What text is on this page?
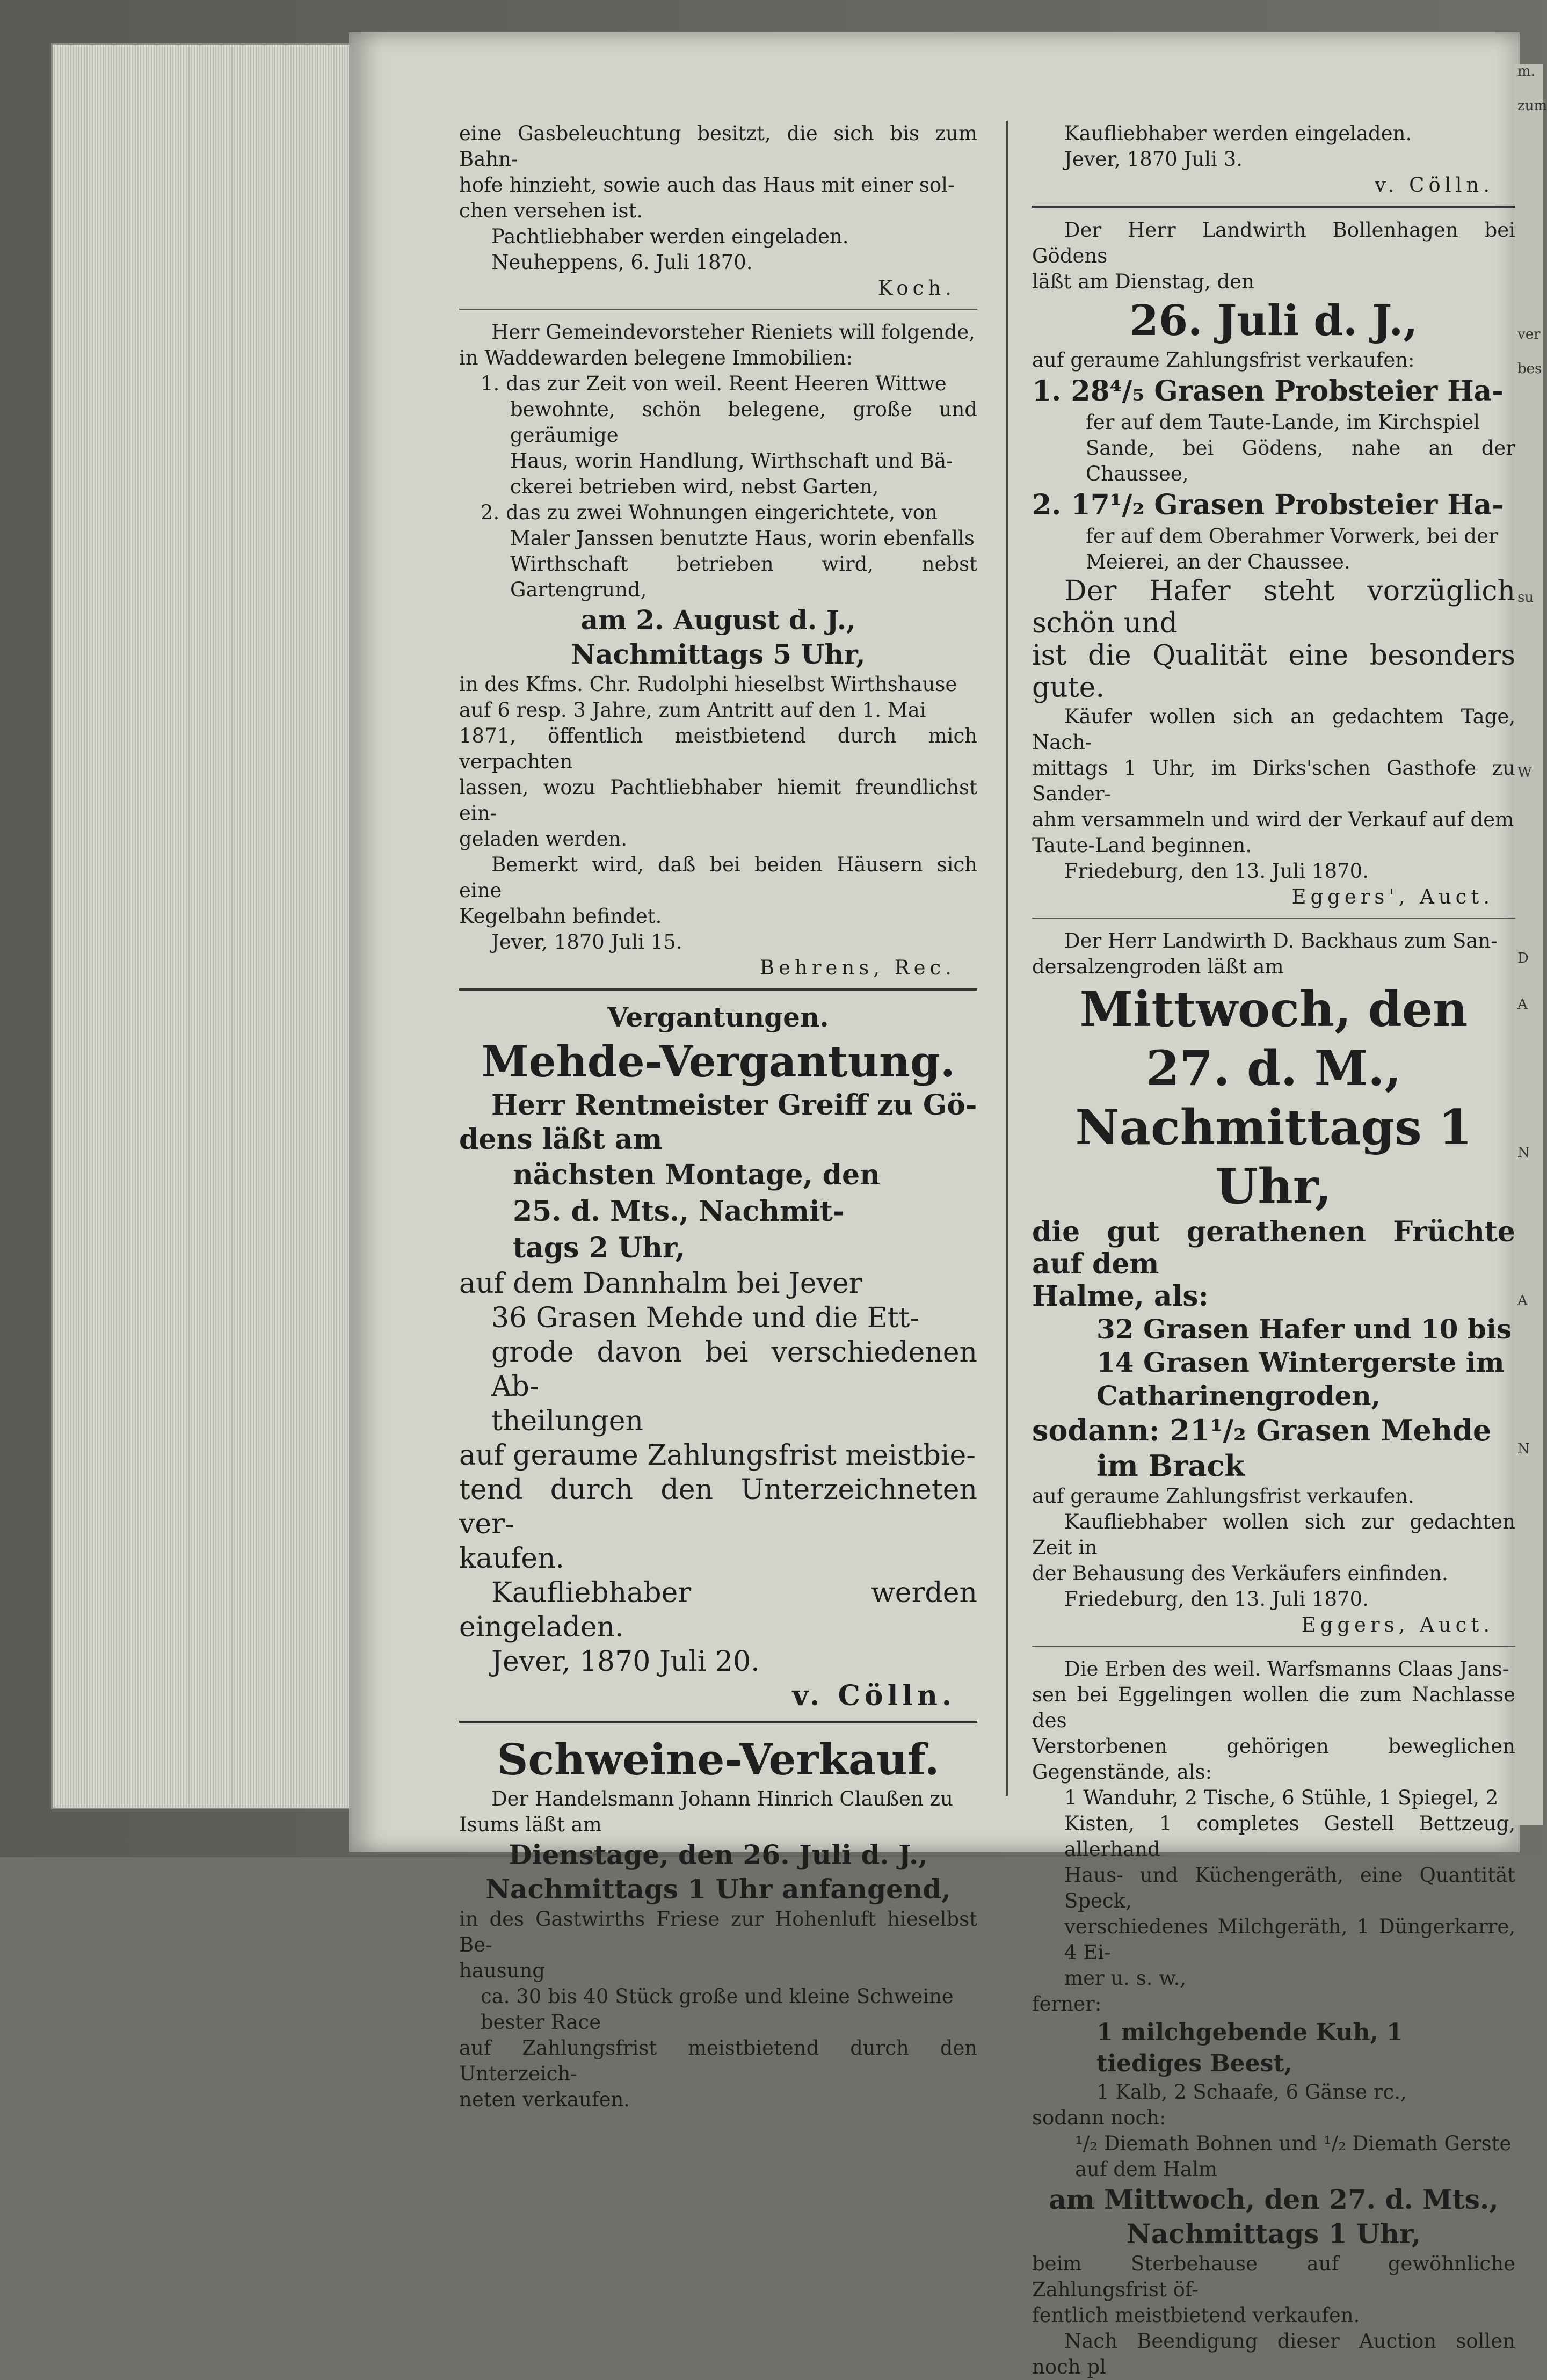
m.
zum
ver
bes
su
W
D
A
N
A
N
eine Gasbeleuchtung besitzt, die sich bis zum Bahn-
hofe hinzieht, sowie auch das Haus mit einer sol-
chen versehen ist.
Pachtliebhaber werden eingeladen.
Neuheppens, 6. Juli 1870.
Koch.
Herr Gemeindevorsteher Rieniets will folgende,
in Waddewarden belegene Immobilien:
1. das zur Zeit von weil. Reent Heeren Wittwe
bewohnte, schön belegene, große und geräumige
Haus, worin Handlung, Wirthschaft und Bä-
ckerei betrieben wird, nebst Garten,
2. das zu zwei Wohnungen eingerichtete, von
Maler Janssen benutzte Haus, worin ebenfalls
Wirthschaft betrieben wird, nebst Gartengrund,
am 2. August d. J.,
Nachmittags 5 Uhr,
in des Kfms. Chr. Rudolphi hieselbst Wirthshause
auf 6 resp. 3 Jahre, zum Antritt auf den 1. Mai
1871, öffentlich meistbietend durch mich verpachten
lassen, wozu Pachtliebhaber hiemit freundlichst ein-
geladen werden.
Bemerkt wird, daß bei beiden Häusern sich eine
Kegelbahn befindet.
Jever, 1870 Juli 15.
Behrens, Rec.
Vergantungen.
Mehde-Vergantung.
Herr Rentmeister Greiff zu Gö-
dens läßt am
nächsten Montage, den
25. d. Mts., Nachmit-
tags 2 Uhr,
auf dem Dannhalm bei Jever
36 Grasen Mehde und die Ett-
grode davon bei verschiedenen Ab-
theilungen
auf geraume Zahlungsfrist meistbie-
tend durch den Unterzeichneten ver-
kaufen.
Kaufliebhaber werden eingeladen.
Jever, 1870 Juli 20.
v. Cölln.
Schweine-Verkauf.
Der Handelsmann Johann Hinrich Claußen zu
Isums läßt am
Dienstage, den 26. Juli d. J.,
Nachmittags 1 Uhr anfangend,
in des Gastwirths Friese zur Hohenluft hieselbst Be-
hausung
ca. 30 bis 40 Stück große und kleine Schweine
bester Race
auf Zahlungsfrist meistbietend durch den Unterzeich-
neten verkaufen.
Kaufliebhaber werden eingeladen.
Jever, 1870 Juli 3.
v. Cölln.
Der Herr Landwirth Bollenhagen bei Gödens
läßt am Dienstag, den
26. Juli d. J.,
auf geraume Zahlungsfrist verkaufen:
1. 28⁴/₅ Grasen Probsteier Ha-
fer auf dem Taute-Lande, im Kirchspiel
Sande, bei Gödens, nahe an der Chaussee,
2. 17¹/₂ Grasen Probsteier Ha-
fer auf dem Oberahmer Vorwerk, bei der
Meierei, an der Chaussee.
Der Hafer steht vorzüglich schön und
ist die Qualität eine besonders gute.
Käufer wollen sich an gedachtem Tage, Nach-
mittags 1 Uhr, im Dirks'schen Gasthofe zu Sander-
ahm versammeln und wird der Verkauf auf dem
Taute-Land beginnen.
Friedeburg, den 13. Juli 1870.
Eggers', Auct.
Der Herr Landwirth D. Backhaus zum San-
dersalzengroden läßt am
Mittwoch, den 27. d. M.,
Nachmittags 1 Uhr,
die gut gerathenen Früchte auf dem
Halme, als:
32 Grasen Hafer und 10 bis
14 Grasen Wintergerste im
Catharinengroden,
sodann: 21¹/₂ Grasen Mehde
im Brack
auf geraume Zahlungsfrist verkaufen.
Kaufliebhaber wollen sich zur gedachten Zeit in
der Behausung des Verkäufers einfinden.
Friedeburg, den 13. Juli 1870.
Eggers, Auct.
Die Erben des weil. Warfsmanns Claas Jans-
sen bei Eggelingen wollen die zum Nachlasse des
Verstorbenen gehörigen beweglichen Gegenstände, als:
1 Wanduhr, 2 Tische, 6 Stühle, 1 Spiegel, 2
Kisten, 1 completes Gestell Bettzeug, allerhand
Haus- und Küchengeräth, eine Quantität Speck,
verschiedenes Milchgeräth, 1 Düngerkarre, 4 Ei-
mer u. s. w.,
ferner:
1 milchgebende Kuh, 1 tiediges Beest,
1 Kalb, 2 Schaafe, 6 Gänse rc.,
sodann noch:
¹/₂ Diemath Bohnen und ¹/₂ Diemath Gerste
auf dem Halm
am Mittwoch, den 27. d. Mts.,
Nachmittags 1 Uhr,
beim Sterbehause auf gewöhnliche Zahlungsfrist öf-
fentlich meistbietend verkaufen.
Nach Beendigung dieser Auction sollen noch pl
